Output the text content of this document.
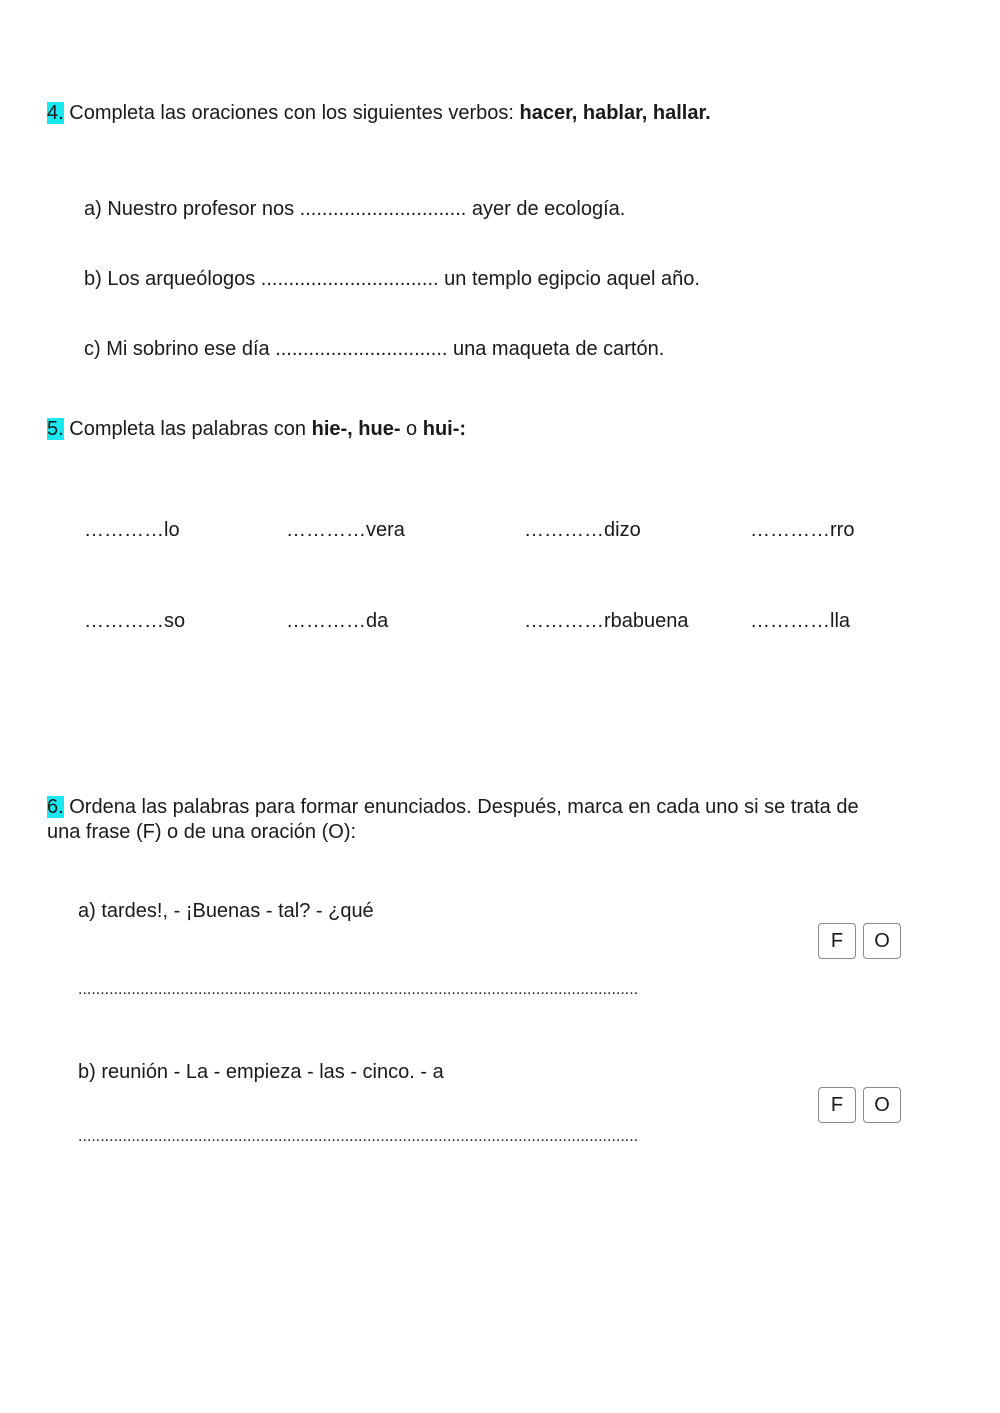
4. Completa las oraciones con los siguientes verbos: hacer, hablar, hallar.
a) Nuestro profesor nos .............................. ayer de ecología.
b) Los arqueólogos ................................ un templo egipcio aquel año.
c) Mi sobrino ese día ............................... una maqueta de cartón.
5. Completa las palabras con hie-, hue- o hui-:
…………lo	…………vera	…………dizo	…………rro
…………so	…………da	…………rbabuena	…………lla
6. Ordena las palabras para formar enunciados. Después, marca en cada uno si se trata de
una frase (F) o de una oración (O):
a) tardes!, - ¡Buenas - tal? - ¿qué
F	O
..............................................................................................................................
b) reunión - La - empieza - las - cinco. - a
F	O
..............................................................................................................................
